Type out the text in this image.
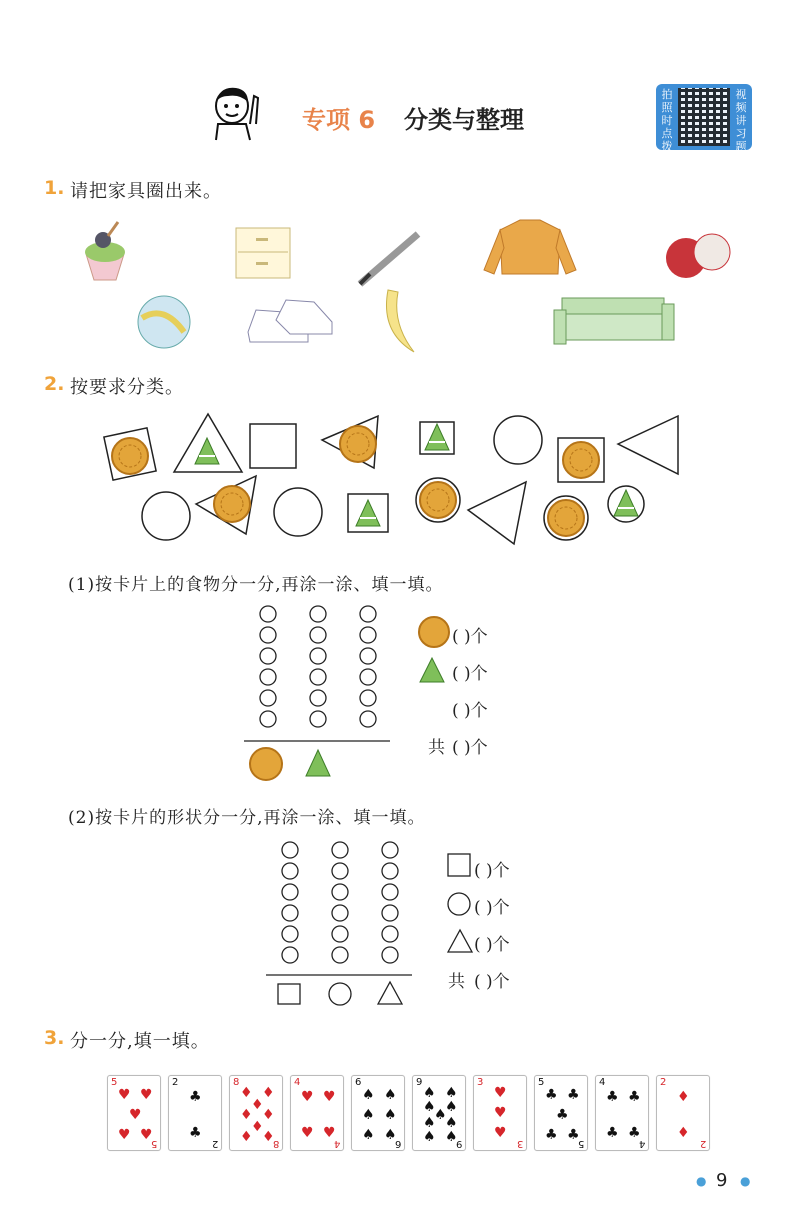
专项 6 分类与整理
拍照时点拨
视频讲习题
1. 请把家具圈出来。
2. 按要求分类。
(1)按卡片上的食物分一分,再涂一涂、填一填。
( )个
( )个
( )个
共 ( )个
(2)按卡片的形状分一分,再涂一涂、填一填。
( )个
( )个
( )个
共 ( )个
3. 分一分,填一填。
5
5
♥ ♥
♥
♥ ♥
2
2
♣
♣
8
8
♦ ♦
♦
♦ ♦
♦
♦ ♦
4
4
♥ ♥
♥ ♥
6
6
♠ ♠
♠ ♠
♠ ♠
9
9
♠ ♠
♠ ♠
♠
♠ ♠
♠ ♠
3
3
♥
♥
♥
5
5
♣ ♣
♣
♣ ♣
4
4
♣ ♣
♣ ♣
2
2
♦
♦
● 9 ●
